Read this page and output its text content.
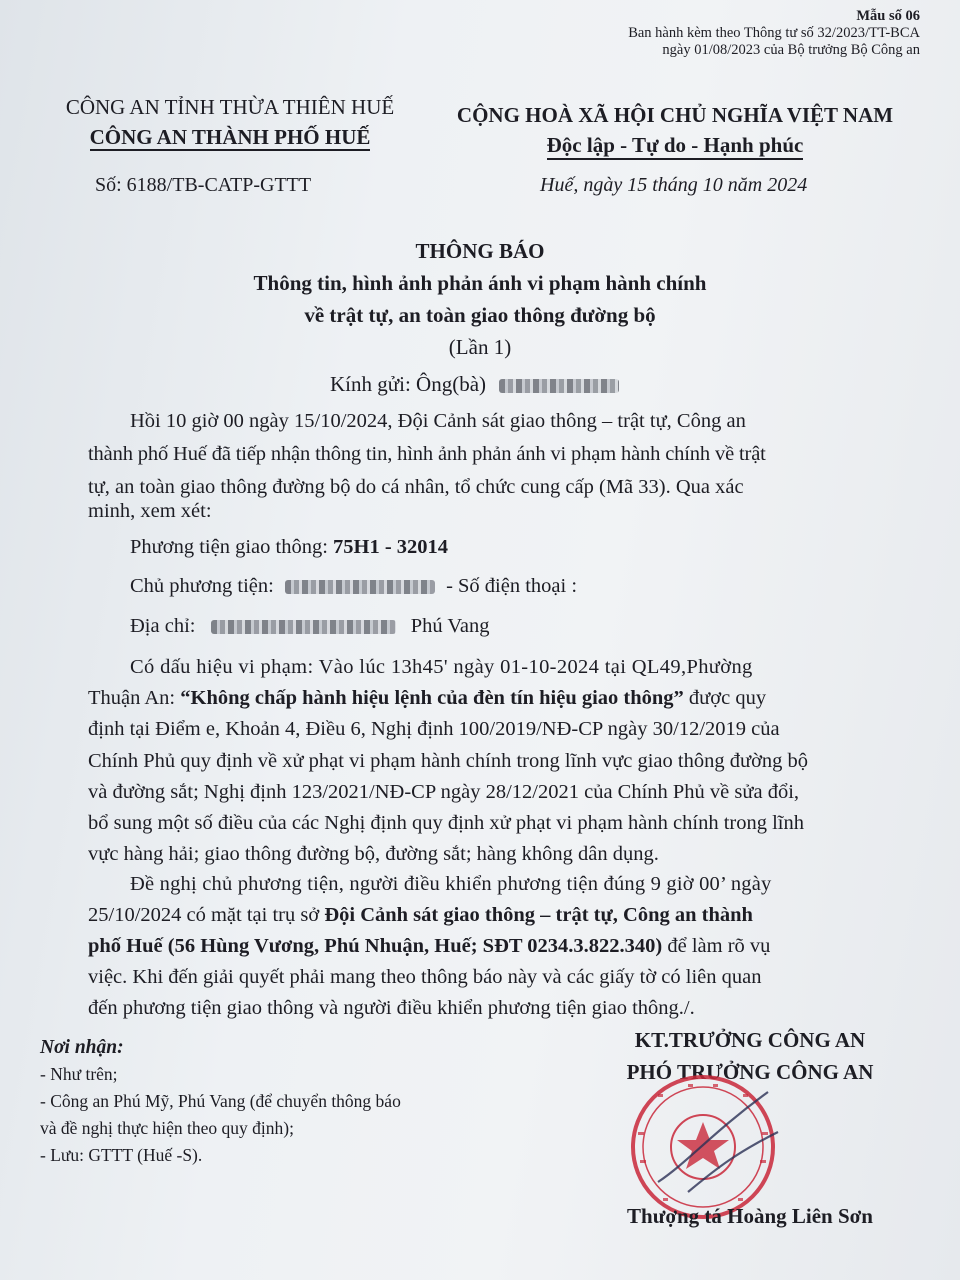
Mẫu số 06
Ban hành kèm theo Thông tư số 32/2023/TT-BCA
ngày 01/08/2023 của Bộ trưởng Bộ Công an
CÔNG AN TỈNH THỪA THIÊN HUẾ
CÔNG AN THÀNH PHỐ HUẾ
CỘNG HOÀ XÃ HỘI CHỦ NGHĨA VIỆT NAM
Độc lập - Tự do - Hạnh phúc
Số: 6188/TB-CATP-GTTT	Huế, ngày 15 tháng 10 năm 2024
THÔNG BÁO
Thông tin, hình ảnh phản ánh vi phạm hành chính
về trật tự, an toàn giao thông đường bộ
(Lần 1)
Kính gửi: Ông(bà)
Hồi 10 giờ 00 ngày 15/10/2024, Đội Cảnh sát giao thông – trật tự, Công an
thành phố Huế đã tiếp nhận thông tin, hình ảnh phản ánh vi phạm hành chính về trật
tự, an toàn giao thông đường bộ do cá nhân, tổ chức cung cấp (Mã 33). Qua xác
minh, xem xét:
Phương tiện giao thông: 75H1 - 32014
Chủ phương tiện:	- Số điện thoại :
Địa chỉ:	Phú Vang
Có dấu hiệu vi phạm: Vào lúc 13h45' ngày 01-10-2024 tại QL49,Phường
Thuận An: “Không chấp hành hiệu lệnh của đèn tín hiệu giao thông” được quy
định tại Điểm e, Khoản 4, Điều 6, Nghị định 100/2019/NĐ-CP ngày 30/12/2019 của
Chính Phủ quy định về xử phạt vi phạm hành chính trong lĩnh vực giao thông đường bộ
và đường sắt; Nghị định 123/2021/NĐ-CP ngày 28/12/2021 của Chính Phủ về sửa đổi,
bổ sung một số điều của các Nghị định quy định xử phạt vi phạm hành chính trong lĩnh
vực hàng hải; giao thông đường bộ, đường sắt; hàng không dân dụng.
Đề nghị chủ phương tiện, người điều khiển phương tiện đúng 9 giờ 00’ ngày
25/10/2024 có mặt tại trụ sở Đội Cảnh sát giao thông – trật tự, Công an thành
phố Huế (56 Hùng Vương, Phú Nhuận, Huế; SĐT 0234.3.822.340) để làm rõ vụ
việc. Khi đến giải quyết phải mang theo thông báo này và các giấy tờ có liên quan
đến phương tiện giao thông và người điều khiển phương tiện giao thông./.
Nơi nhận:
- Như trên;
- Công an Phú Mỹ, Phú Vang (để chuyển thông báo
và đề nghị thực hiện theo quy định);
- Lưu: GTTT (Huế -S).
KT.TRƯỞNG CÔNG AN
PHÓ TRƯỞNG CÔNG AN
Thượng tá Hoàng Liên Sơn
